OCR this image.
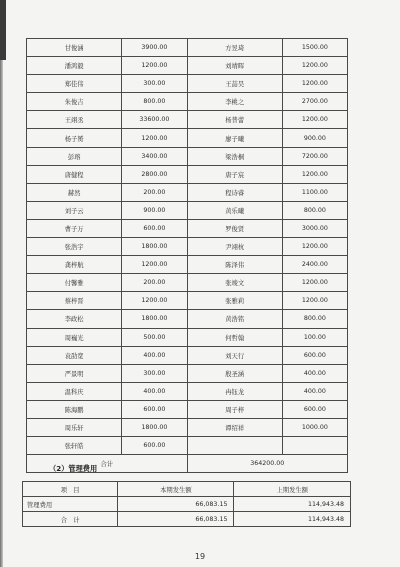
甘俊涵	3900.00	方昱琦	1500.00
潘鸿毅	1200.00	刘靖晖	1200.00
郑佳伟	300.00	王喆昊	1200.00
朱俊吉	800.00	李桃之	2700.00
王翊丞	33600.00	杨普蕾	1200.00
杨子赟	1200.00	廖子曦	900.00
彭瑢	3400.00	梁浩桐	7200.00
唐健程	2800.00	唐子宸	1200.00
赫然	200.00	程诗睿	1100.00
刘子云	900.00	黄乐曦	800.00
曹子万	600.00	罗俊贤	3000.00
张浩宇	1800.00	尹翊杭	1200.00
龚梓航	1200.00	陈泽伟	2400.00
付馨雅	200.00	张竣文	1200.00
蔡梓晋	1200.00	张雅莉	1200.00
李政松	1800.00	黄浩铭	800.00
周巍光	500.00	何哲翰	100.00
袁劭宽	400.00	刘天行	600.00
严景明	300.00	殷圣涵	400.00
温科庆	400.00	冉钰龙	400.00
陈海鹏	600.00	周子梓	600.00
周乐轩	1800.00	谭绍祥	1000.00
张轩皓	600.00		
合计		364200.00	
（2）管理费用
项　目	本期发生额	上期发生额
管理费用	66,083.15	114,943.48
合　计	66,083.15	114,943.48
19
